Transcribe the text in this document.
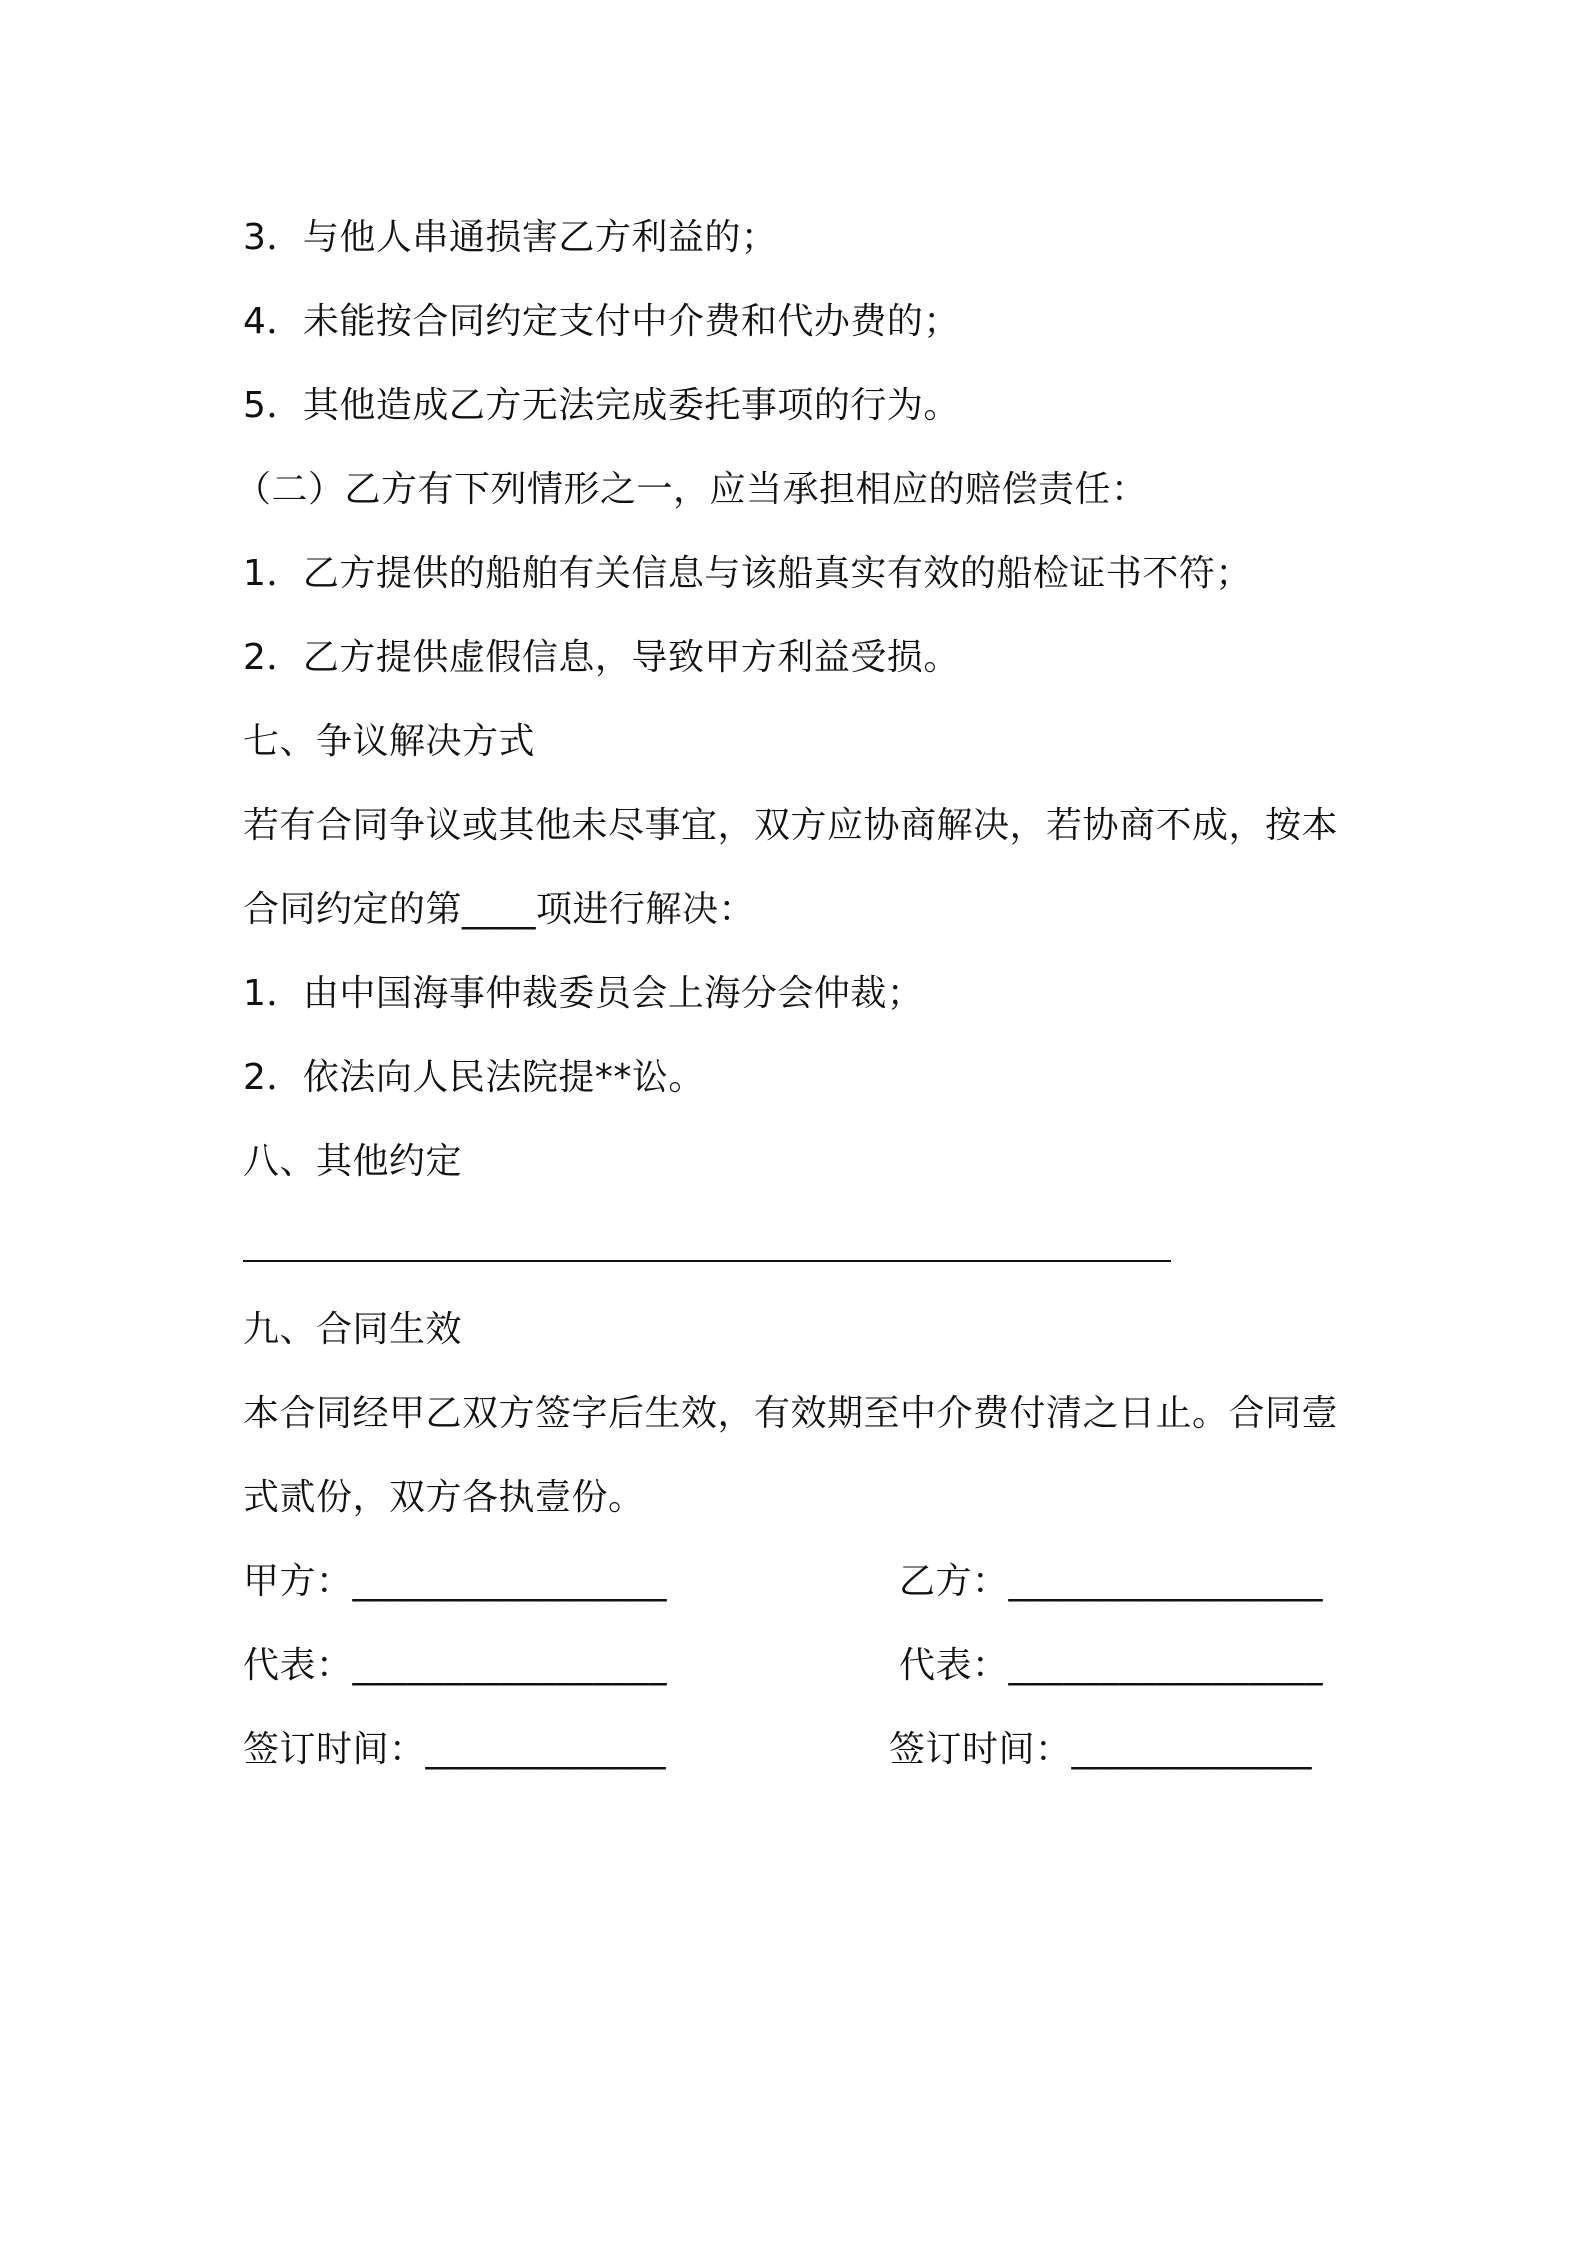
3．与他人串通损害乙方利益的；
4．未能按合同约定支付中介费和代办费的；
5．其他造成乙方无法完成委托事项的行为。
（二）乙方有下列情形之一，应当承担相应的赔偿责任：
1．乙方提供的船舶有关信息与该船真实有效的船检证书不符；
2．乙方提供虚假信息，导致甲方利益受损。
七、争议解决方式
若有合同争议或其他未尽事宜，双方应协商解决，若协商不成，按本
合同约定的第____项进行解决：
1．由中国海事仲裁委员会上海分会仲裁；
2．依法向人民法院提**讼。
八、其他约定
九、合同生效
本合同经甲乙双方签字后生效，有效期至中介费付清之日止。合同壹
式贰份，双方各执壹份。
甲方：_________________	乙方：_________________
代表：_________________	代表：_________________
签订时间：_____________	签订时间：_____________
